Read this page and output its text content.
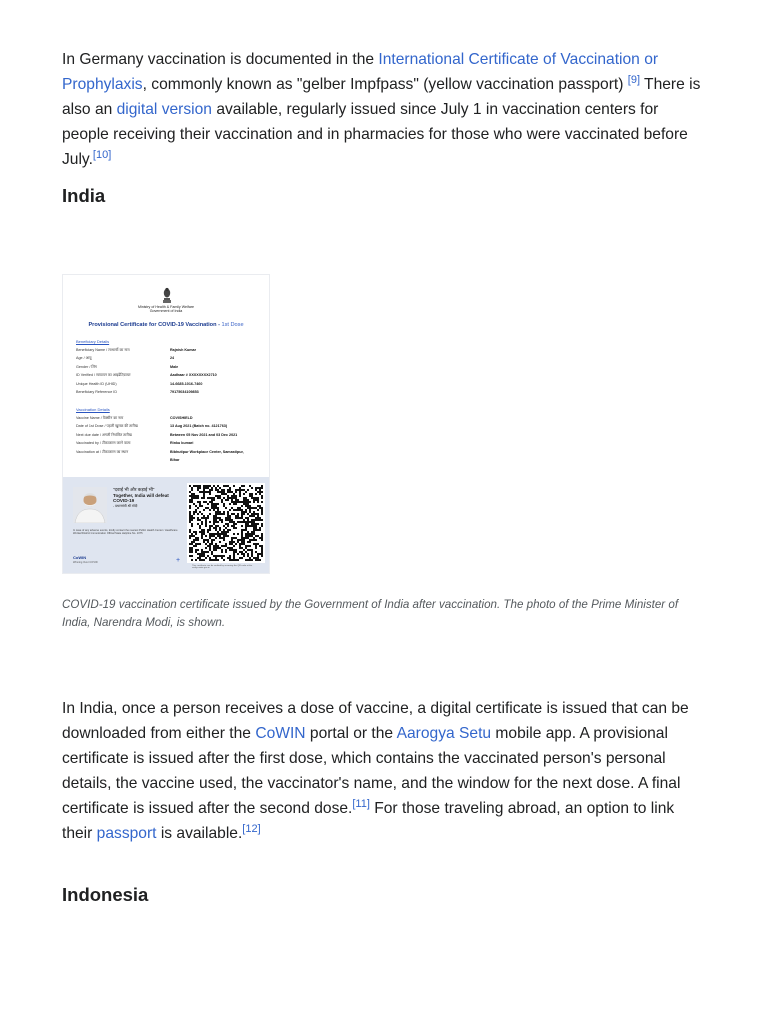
In Germany vaccination is documented in the International Certificate of Vaccination or Prophylaxis, commonly known as "gelber Impfpass" (yellow vaccination passport) [9] There is also an digital version available, regularly issued since July 1 in vaccination centers for people receiving their vaccination and in pharmacies for those who were vaccinated before July.[10]

India
Ministry of Health & Family Welfare
Government of India
Provisional Certificate for COVID-19 Vaccination - 1st Dose
Beneficiary Details
Beneficiary Name / लाभार्थी का नाम	Rajnish Kumar
Age / आयु	24
Gender / लिंग	Male
ID Verified / सत्यापन का आइडेंटिफ़ायर	Aadhaar # XXXXXXXX2710
Unique Health ID (UHID)	14-6685-1016-7460
Beneficiary Reference ID	79175034109853
Vaccination Details
Vaccine Name / वैक्सीन का नाम	COVISHIELD
Date of 1st Dose / पहली खुराक की तारीख	13 Aug 2021 (Batch no. 4121763)
Next due date / अगली निर्धारित तारीख	Between 05 Nov 2021 and 03 Dec 2021
Vaccinated by / टीकाकरण करने वाला	Rinku kumari
Vaccination at / टीकाकरण का स्थान	Bibhutipur Workplace Center, Samastipur,
Bihar
“दवाई भी और कड़ाई भी”
Together, India will defeat COVID-19
- प्रधानमंत्री श्री मोदी
In case of any adverse events, kindly contact the nearest Public Health Center / Healthcare Worker/District Immunization Officer/State Helpline No. 1075
CoWIN
Winning Over COVID	+
This certificate can be verified by scanning the QR code at the verify.cowin.gov.in
COVID-19 vaccination certificate issued by the Government of India after vaccination. The photo of the Prime Minister of India, Narendra Modi, is shown.

In India, once a person receives a dose of vaccine, a digital certificate is issued that can be downloaded from either the CoWIN portal or the Aarogya Setu mobile app. A provisional certificate is issued after the first dose, which contains the vaccinated person's personal details, the vaccine used, the vaccinator's name, and the window for the next dose. A final certificate is issued after the second dose.[11] For those traveling abroad, an option to link their passport is available.[12]

Indonesia
